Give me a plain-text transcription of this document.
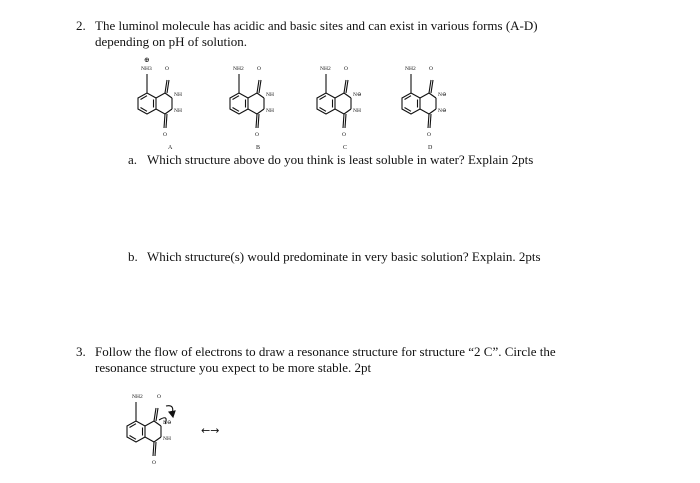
2. The luminol molecule has acidic and basic sites and can exist in various forms (A-D)
depending on pH of solution.
⊕
NH3 O
NH
NH
O
A
NH2 O
NH
NH
O
B
NH2 O
N⊖
NH
O
C
NH2 O
N⊖
N⊖
O
D
a. Which structure above do you think is least soluble in water? Explain 2pts
b. Which structure(s) would predominate in very basic solution? Explain. 2pts
3. Follow the flow of electrons to draw a resonance structure for structure “2 C”. Circle the
resonance structure you expect to be more stable. 2pt
NH2	O
N⊖
NH
O
←→
